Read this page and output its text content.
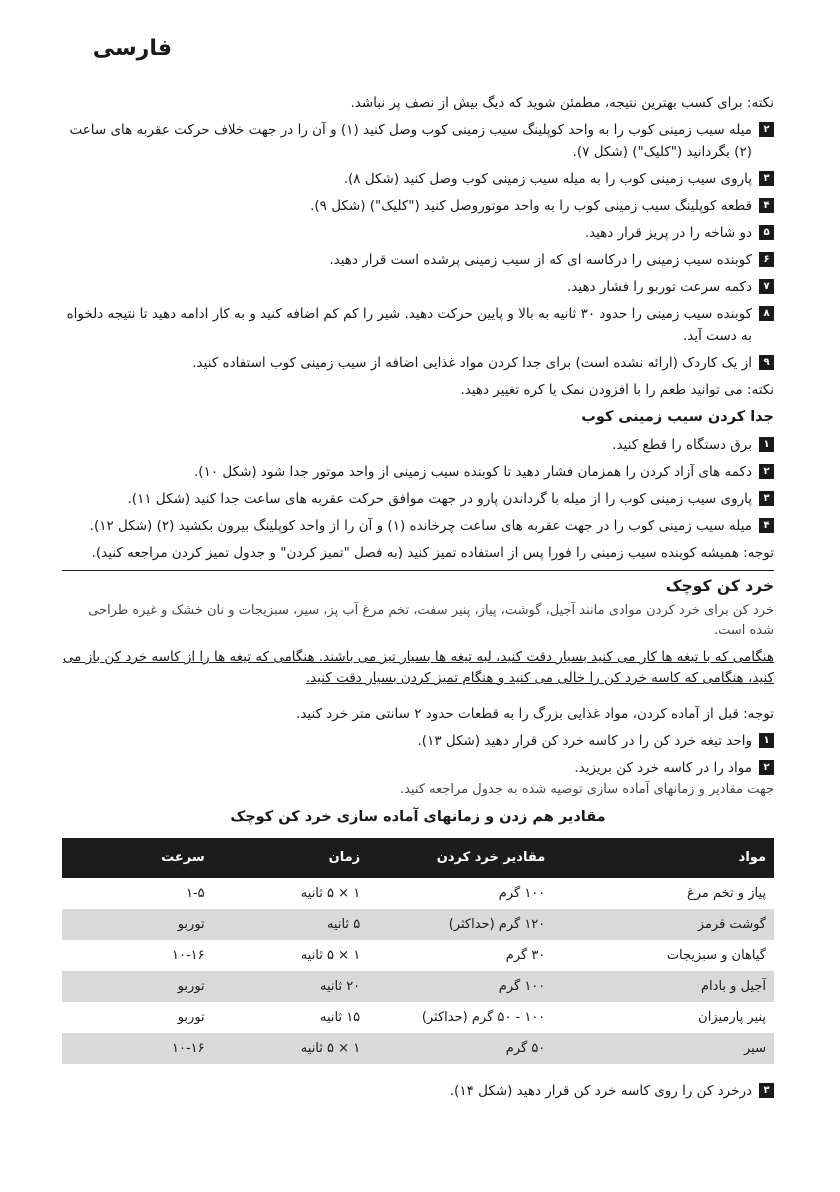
فارسی

نکته: برای کسب بهترین نتیجه، مطمئن شوید که دیگ بیش از نصف پر نباشد.

۲
میله سیب زمینی کوب را به واحد کوپلینگ سیب زمینی کوب وصل کنید (۱) و آن را در جهت خلاف حرکت عقربه های ساعت (۲) بگردانید ("کلیک") (شکل ۷).
۳
پاروی سیب زمینی کوب را به میله سیب زمینی کوب وصل کنید (شکل ۸).
۴
قطعه کوپلینگ سیب زمینی کوب را به واحد موتوروصل کنید ("کلیک") (شکل ۹).
۵
دو شاخه را در پریز قرار دهید.
۶
کوبنده سیب زمینی را درکاسه ای که از سیب زمینی پرشده است قرار دهید.
۷
دکمه سرعت توربو را فشار دهید.
۸
کوبنده سیب زمینی را حدود ۳۰ ثانیه به بالا و پایین حرکت دهید. شیر را کم کم اضافه کنید و به کار ادامه دهید تا نتیجه دلخواه به دست آید.
۹
از یک کاردک (ارائه نشده است) برای جدا کردن مواد غذایی اضافه از سیب زمینی کوب استفاده کنید.

نکته: می توانید طعم را با افزودن نمک یا کره تغییر دهید.

جدا کردن سیب زمینی کوب
۱
برق دستگاه را قطع کنید.
۲
دکمه های آزاد کردن را همزمان فشار دهید تا کوبنده سیب زمینی از واحد موتور جدا شود (شکل ۱۰).
۳
پاروی سیب زمینی کوب را از میله با گرداندن پارو در جهت موافق حرکت عقربه های ساعت جدا کنید (شکل ۱۱).
۴
میله سیب زمینی کوب را در جهت عقربه های ساعت چرخانده (۱) و آن را از واحد کوپلینگ بیرون بکشید (۲) (شکل ۱۲).

توجه: همیشه کوبنده سیب زمینی را فورا پس از استفاده تمیز کنید (به فصل "تمیز کردن" و جدول تمیز کردن مراجعه کنید).

خرد کن کوچک

خرد کن برای خرد کردن موادی مانند آجیل، گوشت، پیاز، پنیر سفت، تخم مرغ آب پز، سیر، سبزیجات و نان خشک و غیره طراحی شده است.

هنگامی که با تیغه ها کار می کنید بسیار دقت کنید، لبه تیغه ها بسیار تیز می باشند. هنگامی که تیغه ها را از کاسه خرد کن باز می کنید، هنگامی که کاسه خرد کن را خالی می کنید و هنگام تمیز کردن بسیار دقت کنید.

توجه: قبل از آماده کردن، مواد غذایی بزرگ را به قطعات حدود ۲ سانتی متر خرد کنید.

۱
واحد تیغه خرد کن را در کاسه خرد کن قرار دهید (شکل ۱۳).
۲
مواد را در کاسه خرد کن بریزید.

جهت مقادیر و زمانهای آماده سازی توصیه شده به جدول مراجعه کنید.

مقادیر هم زدن و زمانهای آماده سازی خرد کن کوچک
مواد	مقادیر خرد کردن	زمان	سرعت
پیاز و تخم مرغ	۱۰۰ گرم	۱ × ۵ ثانیه	۱-۵
گوشت قرمز	۱۲۰ گرم (حداکثر)	۵ ثانیه	توربو
گیاهان و سبزیجات	۳۰ گرم	۱ × ۵ ثانیه	۱۰-۱۶
آجیل و بادام	۱۰۰ گرم	۲۰ ثانیه	توربو
پنیر پارمیزان	۱۰۰ - ۵۰ گرم (حداکثر)	۱۵ ثانیه	توربو
سیر	۵۰ گرم	۱ × ۵ ثانیه	۱۰-۱۶
۳
درخرد کن را روی کاسه خرد کن قرار دهید (شکل ۱۴).
